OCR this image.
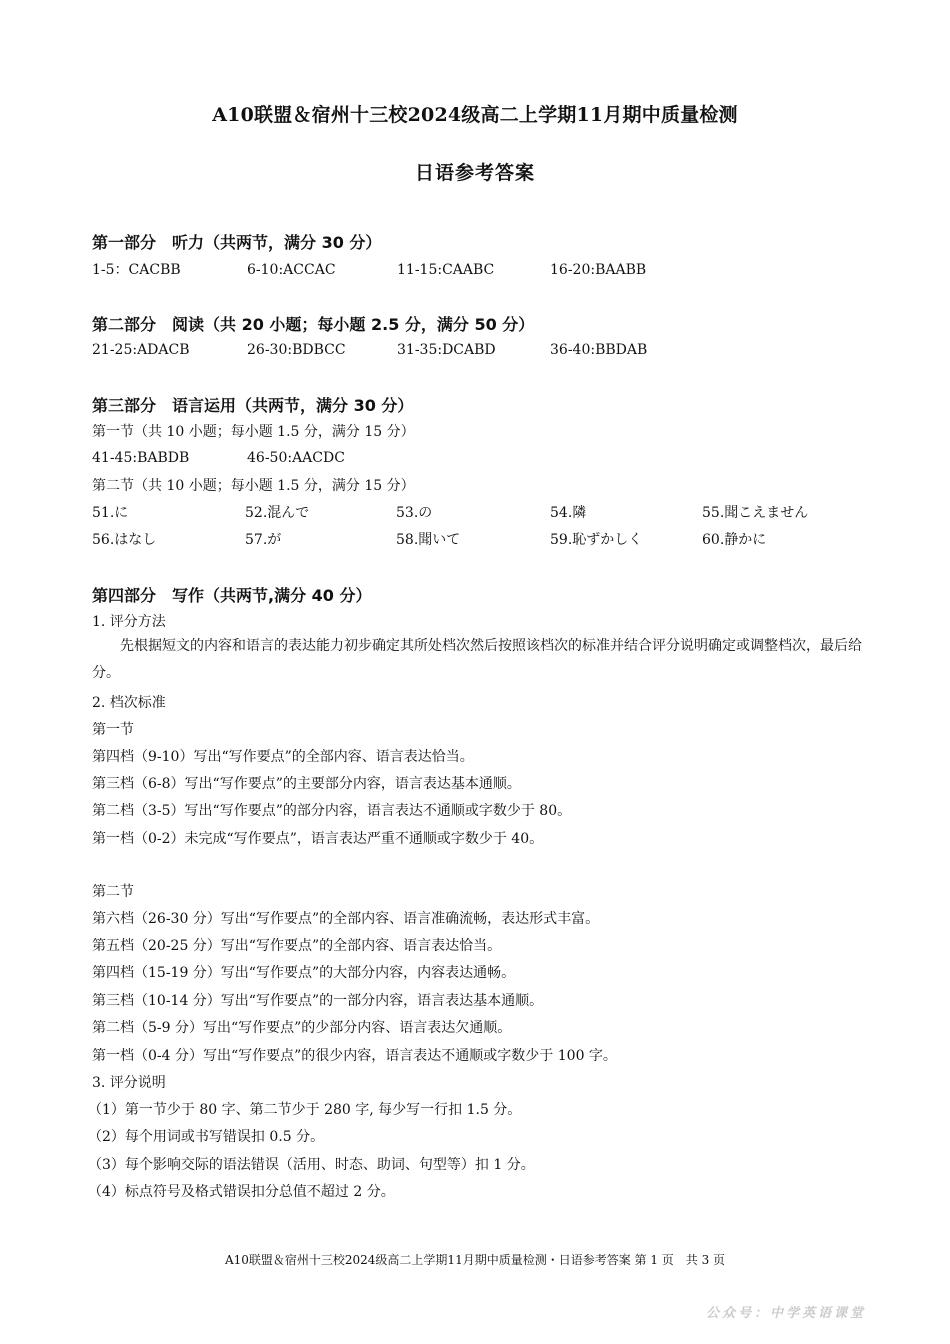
A10联盟＆宿州十三校2024级高二上学期11月期中质量检测
日语参考答案
第一部分　听力（共两节，满分 30 分）
1-5：CACBB	6-10:ACCAC	11-15:CAABC	16-20:BAABB
第二部分　阅读（共 20 小题；每小题 2.5 分，满分 50 分）
21-25:ADACB	26-30:BDBCC	31-35:DCABD	36-40:BBDAB
第三部分　语言运用（共两节，满分 30 分）
第一节（共 10 小题；每小题 1.5 分，满分 15 分）
41-45:BABDB	46-50:AACDC
第二节（共 10 小题；每小题 1.5 分，满分 15 分）
51.に	52.混んで	53.の	54.隣	55.聞こえません
56.はなし	57.が	58.聞いて	59.恥ずかしく	60.静かに
第四部分　写作（共两节,满分 40 分）
1. 评分方法
先根据短文的内容和语言的表达能力初步确定其所处档次然后按照该档次的标准并结合评分说明确定或调整档次，最后给分。
2. 档次标准
第一节
第四档（9-10）写出“写作要点”的全部内容、语言表达恰当。
第三档（6-8）写出“写作要点”的主要部分内容，语言表达基本通顺。
第二档（3-5）写出“写作要点”的部分内容，语言表达不通顺或字数少于 80。
第一档（0-2）未完成“写作要点”，语言表达严重不通顺或字数少于 40。
第二节
第六档（26-30 分）写出“写作要点”的全部内容、语言准确流畅，表达形式丰富。
第五档（20-25 分）写出“写作要点”的全部内容、语言表达恰当。
第四档（15-19 分）写出“写作要点”的大部分内容，内容表达通畅。
第三档（10-14 分）写出“写作要点”的一部分内容，语言表达基本通顺。
第二档（5-9 分）写出“写作要点”的少部分内容、语言表达欠通顺。
第一档（0-4 分）写出“写作要点”的很少内容，语言表达不通顺或字数少于 100 字。
3. 评分说明
（1）第一节少于 80 字、第二节少于 280 字, 每少写一行扣 1.5 分。
（2）每个用词或书写错误扣 0.5 分。
（3）每个影响交际的语法错误（活用、时态、助词、句型等）扣 1 分。
（4）标点符号及格式错误扣分总值不超过 2 分。
A10联盟＆宿州十三校2024级高二上学期11月期中质量检测・日语参考答案 第 1 页　共 3 页
公众号：中学英语课堂
